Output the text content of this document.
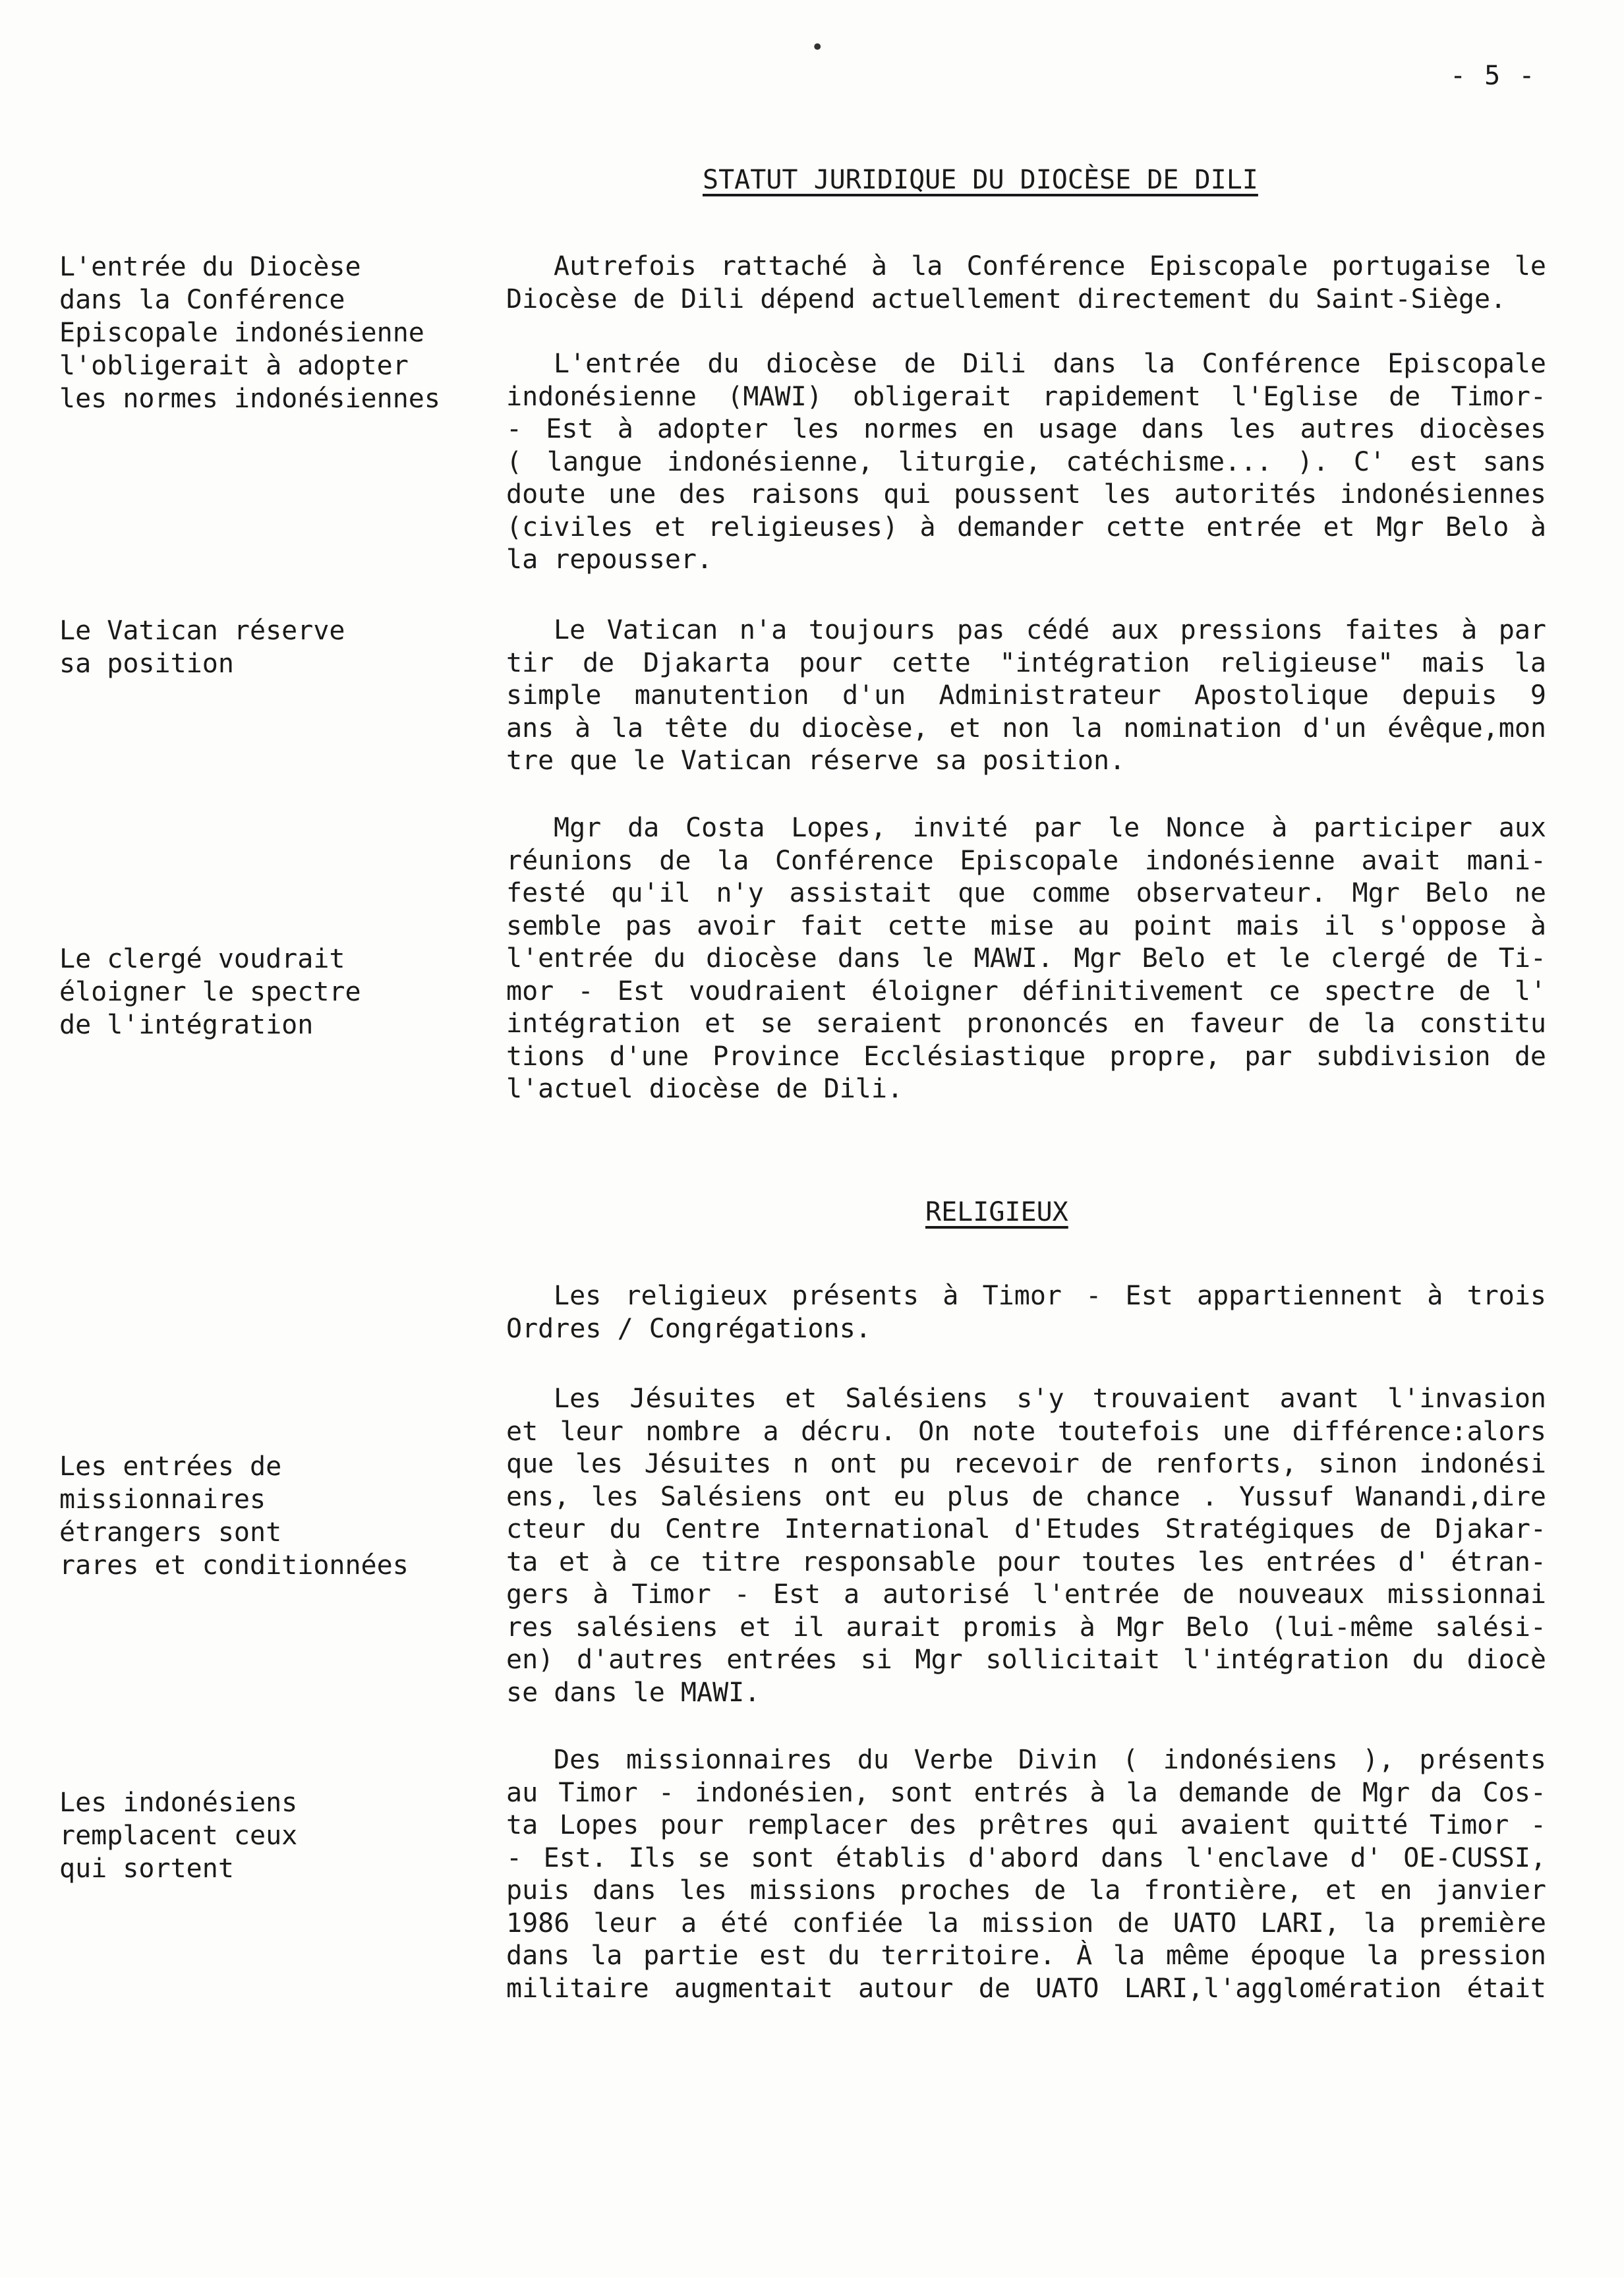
•
- 5 -
STATUT JURIDIQUE DU DIOCÈSE DE DILI
L'entrée du Diocèse
dans la Conférence
Episcopale indonésienne
l'obligerait à adopter
les normes indonésiennes
Le Vatican réserve
sa position
Le clergé voudrait
éloigner le spectre
de l'intégration
Autrefois rattaché à la Conférence Episcopale portugaise le
Diocèse de Dili dépend actuellement directement du Saint-Siège.
L'entrée du diocèse de Dili dans la Conférence Episcopale
indonésienne (MAWI) obligerait rapidement l'Eglise de Timor-
- Est à adopter les normes en usage dans les autres diocèses
( langue indonésienne, liturgie, catéchisme... ). C' est sans
doute une des raisons qui poussent les autorités indonésiennes
(civiles et religieuses) à demander cette entrée et Mgr Belo à
la repousser.
Le Vatican n'a toujours pas cédé aux pressions faites à par
tir de Djakarta pour cette "intégration religieuse" mais la
simple manutention d'un Administrateur Apostolique depuis 9
ans à la tête du diocèse, et non la nomination d'un évêque,mon
tre que le Vatican réserve sa position.
Mgr da Costa Lopes, invité par le Nonce à participer aux
réunions de la Conférence Episcopale indonésienne avait mani-
festé qu'il n'y assistait que comme observateur. Mgr Belo ne
semble pas avoir fait cette mise au point mais il s'oppose à
l'entrée du diocèse dans le MAWI. Mgr Belo et le clergé de Ti-
mor - Est voudraient éloigner définitivement ce spectre de l'
intégration et se seraient prononcés en faveur de la constitu
tions d'une Province Ecclésiastique propre, par subdivision de
l'actuel diocèse de Dili.
RELIGIEUX
Les entrées de
missionnaires
étrangers sont
rares et conditionnées
Les indonésiens
remplacent ceux
qui sortent
Les religieux présents à Timor - Est appartiennent à trois
Ordres / Congrégations.
Les Jésuites et Salésiens s'y trouvaient avant l'invasion
et leur nombre a décru. On note toutefois une différence:alors
que les Jésuites n ont pu recevoir de renforts, sinon indonési
ens, les Salésiens ont eu plus de chance . Yussuf Wanandi,dire
cteur du Centre International d'Etudes Stratégiques de Djakar-
ta et à ce titre responsable pour toutes les entrées d' étran-
gers à Timor - Est a autorisé l'entrée de nouveaux missionnai
res salésiens et il aurait promis à Mgr Belo (lui-même salési-
en) d'autres entrées si Mgr sollicitait l'intégration du diocè
se dans le MAWI.
Des missionnaires du Verbe Divin ( indonésiens ), présents
au Timor - indonésien, sont entrés à la demande de Mgr da Cos-
ta Lopes pour remplacer des prêtres qui avaient quitté Timor -
- Est. Ils se sont établis d'abord dans l'enclave d' OE-CUSSI,
puis dans les missions proches de la frontière, et en janvier
1986 leur a été confiée la mission de UATO LARI, la première
dans la partie est du territoire. À la même époque la pression
militaire augmentait autour de UATO LARI,l'agglomération était
